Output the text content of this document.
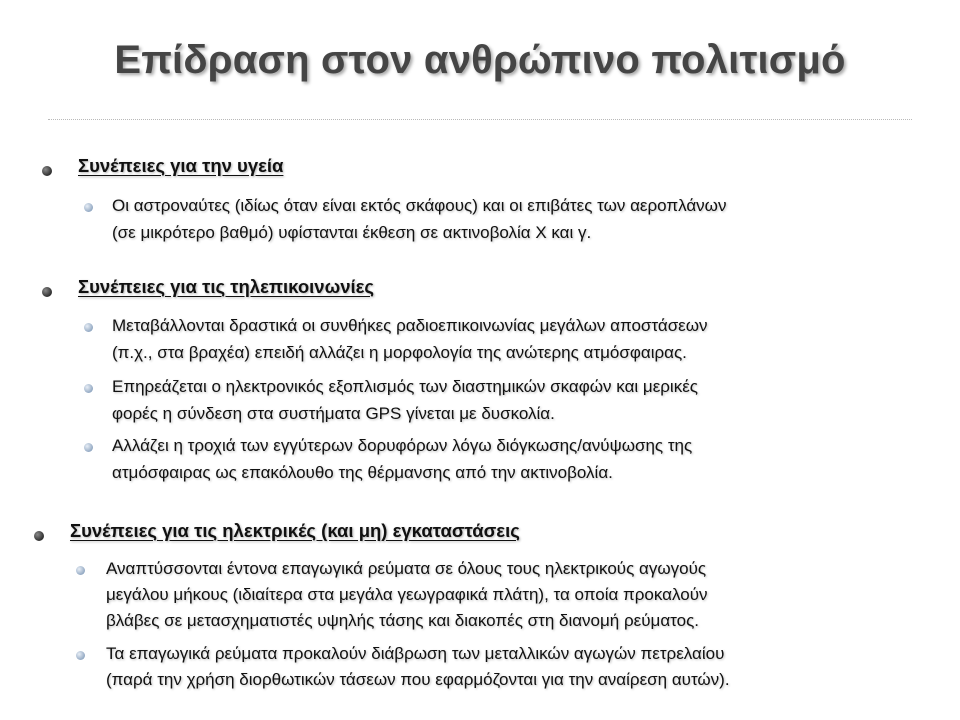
Επίδραση στον ανθρώπινο πολιτισμό
Συνέπειες για την υγεία
Οι αστροναύτες (ιδίως όταν είναι εκτός σκάφους) και οι επιβάτες των αεροπλάνων
(σε μικρότερο βαθμό) υφίστανται έκθεση σε ακτινοβολία Χ και γ.
Συνέπειες για τις τηλεπικοινωνίες
Μεταβάλλονται δραστικά οι συνθήκες ραδιοεπικοινωνίας μεγάλων αποστάσεων
(π.χ., στα βραχέα) επειδή αλλάζει η μορφολογία της ανώτερης ατμόσφαιρας.
Επηρεάζεται ο ηλεκτρονικός εξοπλισμός των διαστημικών σκαφών και μερικές
φορές η σύνδεση στα συστήματα GPS γίνεται με δυσκολία.
Αλλάζει η τροχιά των εγγύτερων δορυφόρων λόγω διόγκωσης/ανύψωσης της
ατμόσφαιρας ως επακόλουθο της θέρμανσης από την ακτινοβολία.
Συνέπειες για τις ηλεκτρικές (και μη) εγκαταστάσεις
Αναπτύσσονται έντονα επαγωγικά ρεύματα σε όλους τους ηλεκτρικούς αγωγούς
μεγάλου μήκους (ιδιαίτερα στα μεγάλα γεωγραφικά πλάτη), τα οποία προκαλούν
βλάβες σε μετασχηματιστές υψηλής τάσης και διακοπές στη διανομή ρεύματος.
Τα επαγωγικά ρεύματα προκαλούν διάβρωση των μεταλλικών αγωγών πετρελαίου
(παρά την χρήση διορθωτικών τάσεων που εφαρμόζονται για την αναίρεση αυτών).
